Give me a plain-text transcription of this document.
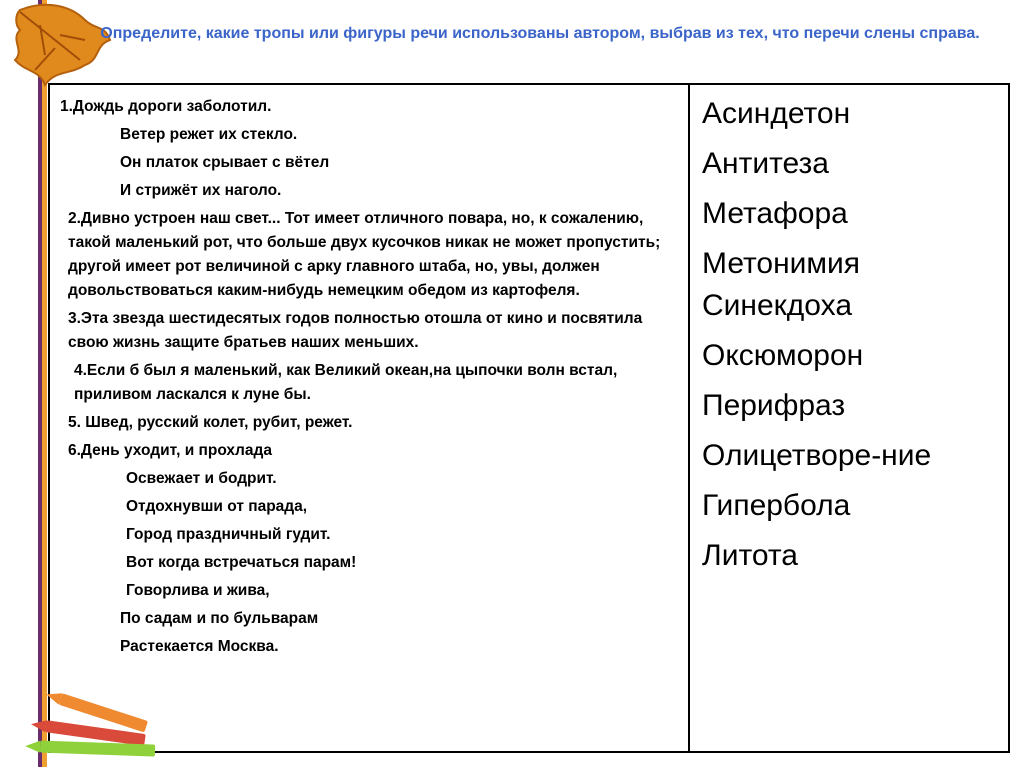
Определите, какие тропы или фигуры речи использованы автором, выбрав из тех, что перечи слены справа.

1.Дождь дороги заболотил.

Ветер режет их стекло.

Он платок срывает с вётел

И стрижёт их наголо.

2.Дивно устроен наш свет... Тот имеет отличного повара, но, к сожалению, такой маленький рот, что больше двух кусочков никак не может пропустить; другой имеет рот величиной с арку главного штаба, но, увы, должен довольствоваться каким-нибудь немецким обедом из картофеля.

3.Эта звезда шестидесятых годов полностью отошла от кино и посвятила свою жизнь защите братьев наших меньших.

4.Если б был я маленький, как Великий океан,на цыпочки волн встал, приливом ласкался к луне бы.

5. Швед, русский колет, рубит, режет.

6.День уходит, и прохлада

Освежает и бодрит.

Отдохнувши от парада,

Город праздничный гудит.

Вот когда встречаться парам!

Говорлива и жива,

По садам и по бульварам

Растекается Москва.

Асиндетон
Антитеза
Метафора
Метонимия
Синекдоха
Оксюморон
Перифраз
Олицетворе-ние
Гипербола
Литота
